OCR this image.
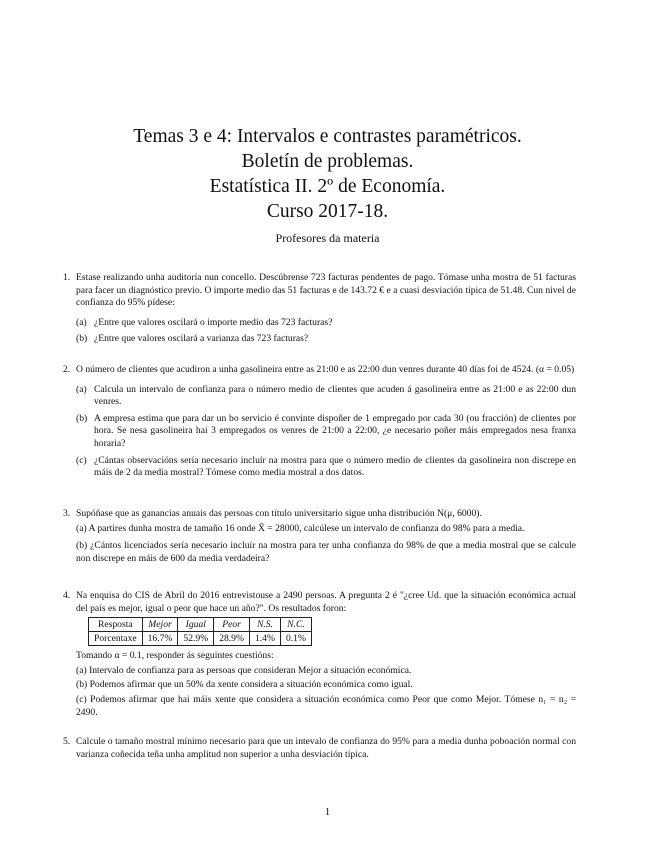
Temas 3 e 4: Intervalos e contrastes paramétricos.
Boletín de problemas.
Estatística II. 2º de Economía.
Curso 2017-18.
Profesores da materia
1. Estase realizando unha auditoría nun concello. Descúbrense 723 facturas pendentes de pago. Tómase unha mostra de 51 facturas para facer un diagnóstico previo. O importe medio das 51 facturas e de 143.72 € e a cuasi desviación típica de 51.48. Cun nivel de confianza do 95% pídese:
(a) ¿Entre que valores oscilará o importe medio das 723 facturas?
(b) ¿Entre que valores oscilará a varianza das 723 facturas?
2. O número de clientes que acudiron a unha gasolineira entre as 21:00 e as 22:00 dun venres durante 40 días foi de 4524. (α = 0.05)
(a) Calcula un intervalo de confianza para o número medio de clientes que acuden á gasolineira entre as 21:00 e as 22:00 dun venres.
(b) A empresa estima que para dar un bo servicio é convinte dispoñer de 1 empregado por cada 30 (ou fracción) de clientes por hora. Se nesa gasolineira hai 3 empregados os venres de 21:00 a 22:00, ¿e necesario poñer máis empregados nesa franxa horaria?
(c) ¿Cántas observacións sería necesario incluír na mostra para que o número medio de clientes da gasolineira non discrepe en máis de 2 da media mostral? Tómese como media mostral a dos datos.
3. Supóñase que as ganancias anuais das persoas con título universitario sigue unha distribución N(μ, 6000).
(a) A partires dunha mostra de tamaño 16 onde X̄ = 28000, calcúlese un intervalo de confianza do 98% para a media.
(b) ¿Cántos licenciados sería necesario incluír na mostra para ter unha confianza do 98% de que a media mostral que se calcule non discrepe en máis de 600 da media verdadeira?
4. Na enquisa do CIS de Abril do 2016 entrevistouse a 2490 persoas. A pregunta 2 é "¿cree Ud. que la situación económica actual del país es mejor, igual o peor que hace un año?". Os resultados foron:
Resposta	Mejor	Igual	Peor	N.S.	N.C.
Porcentaxe	16.7%	52.9%	28.9%	1.4%	0.1%
Tomando α = 0.1, responder ás seguintes cuestións:
(a) Intervalo de confianza para as persoas que consideran Mejor a situación económica.
(b) Podemos afirmar que un 50% da xente considera a situación económica como igual.
(c) Podemos afirmar que hai máis xente que considera a situación económica como Peor que como Mejor. Tómese n₁ = n₂ = 2490.
5. Calcule o tamaño mostral mínimo necesario para que un intevalo de confianza do 95% para a media dunha poboación normal con varianza coñecida teña unha amplitud non superior a unha desviación típica.
1
